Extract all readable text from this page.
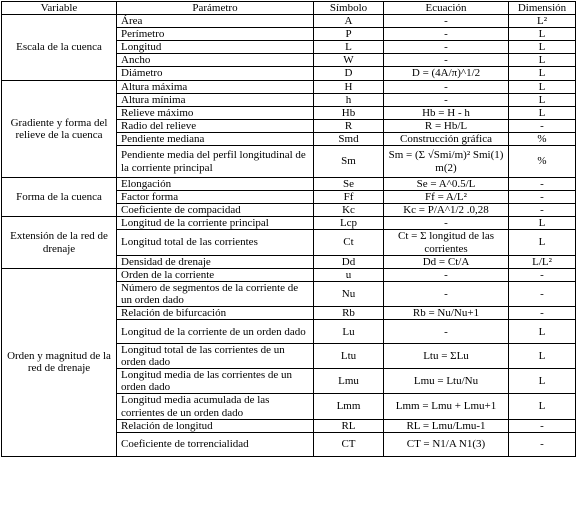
Variable	Parámetro	Símbolo	Ecuación	Dimensión
Escala de la cuenca	Área	A	-	L²
	Perímetro	P	-	L
	Longitud	L	-	L
	Ancho	W	-	L
	Diámetro	D	D = (4A/π)^1/2	L
Gradiente y forma del relieve de la cuenca	Altura máxima	H	-	L
	Altura mínima	h	-	L
	Relieve máximo	Hb	Hb = H - h	L
	Radio del relieve	R	R = Hb/L	-
	Pendiente mediana	Smd	Construcción gráfica	%
	Pendiente media del perfil longitudinal de la corriente principal	Sm	Sm = (Σ √Smi/m)² Smi(1) m(2)	%
Forma de la cuenca	Elongación	Se	Se = A^0.5/L	-
	Factor forma	Ff	Ff = A/L²	-
	Coeficiente de compacidad	Kc	Kc = P/A^1/2 .0,28	-
Extensión de la red de drenaje	Longitud de la corriente principal	Lcp	-	L
	Longitud total de las corrientes	Ct	Ct = Σ longitud de las corrientes	L
	Densidad de drenaje	Dd	Dd = Ct/A	L/L²
Orden y magnitud de la red de drenaje	Orden de la corriente	u	-	-
	Número de segmentos de la corriente de un orden dado	Nu	-	-
	Relación de bifurcación	Rb	Rb = Nu/Nu+1	-
	Longitud de la corriente de un orden dado	Lu	-	L
	Longitud total de las corrientes de un orden dado	Ltu	Ltu = ΣLu	L
	Longitud media de las corrientes de un orden dado	Lmu	Lmu = Ltu/Nu	L
	Longitud media acumulada de las corrientes de un orden dado	Lmm	Lmm = Lmu + Lmu+1	L
	Relación de longitud	RL	RL = Lmu/Lmu-1	-
	Coeficiente de torrencialidad	CT	CT = N1/A N1(3)	-
